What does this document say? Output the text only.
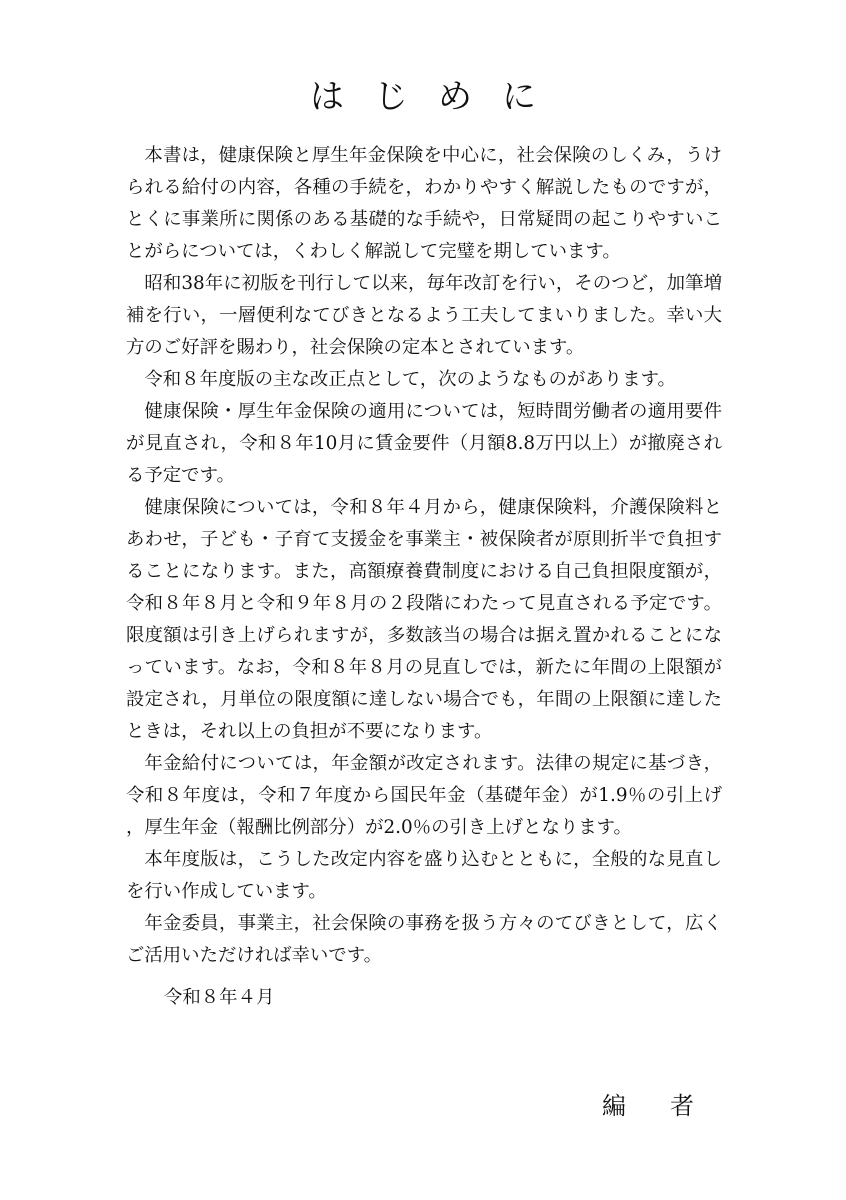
はじめに

本書は，健康保険と厚生年金保険を中心に，社会保険のしくみ，うけられる給付の内容，各種の手続を，わかりやすく解説したものですが，とくに事業所に関係のある基礎的な手続や，日常疑問の起こりやすいことがらについては，くわしく解説して完璧を期しています。

昭和38年に初版を刊行して以来，毎年改訂を行い，そのつど，加筆増補を行い，一層便利なてびきとなるよう工夫してまいりました。幸い大方のご好評を賜わり，社会保険の定本とされています。

令和８年度版の主な改正点として，次のようなものがあります。

健康保険・厚生年金保険の適用については，短時間労働者の適用要件が見直され，令和８年10月に賃金要件（月額8.8万円以上）が撤廃される予定です。

健康保険については，令和８年４月から，健康保険料，介護保険料とあわせ，子ども・子育て支援金を事業主・被保険者が原則折半で負担することになります。また，高額療養費制度における自己負担限度額が，令和８年８月と令和９年８月の２段階にわたって見直される予定です。限度額は引き上げられますが，多数該当の場合は据え置かれることになっています。なお，令和８年８月の見直しでは，新たに年間の上限額が設定され，月単位の限度額に達しない場合でも，年間の上限額に達したときは，それ以上の負担が不要になります。

年金給付については，年金額が改定されます。法律の規定に基づき，令和８年度は，令和７年度から国民年金（基礎年金）が1.9％の引上げ，厚生年金（報酬比例部分）が2.0％の引き上げとなります。

本年度版は，こうした改定内容を盛り込むとともに，全般的な見直しを行い作成しています。

年金委員，事業主，社会保険の事務を扱う方々のてびきとして，広くご活用いただければ幸いです。

令和８年４月

編者
